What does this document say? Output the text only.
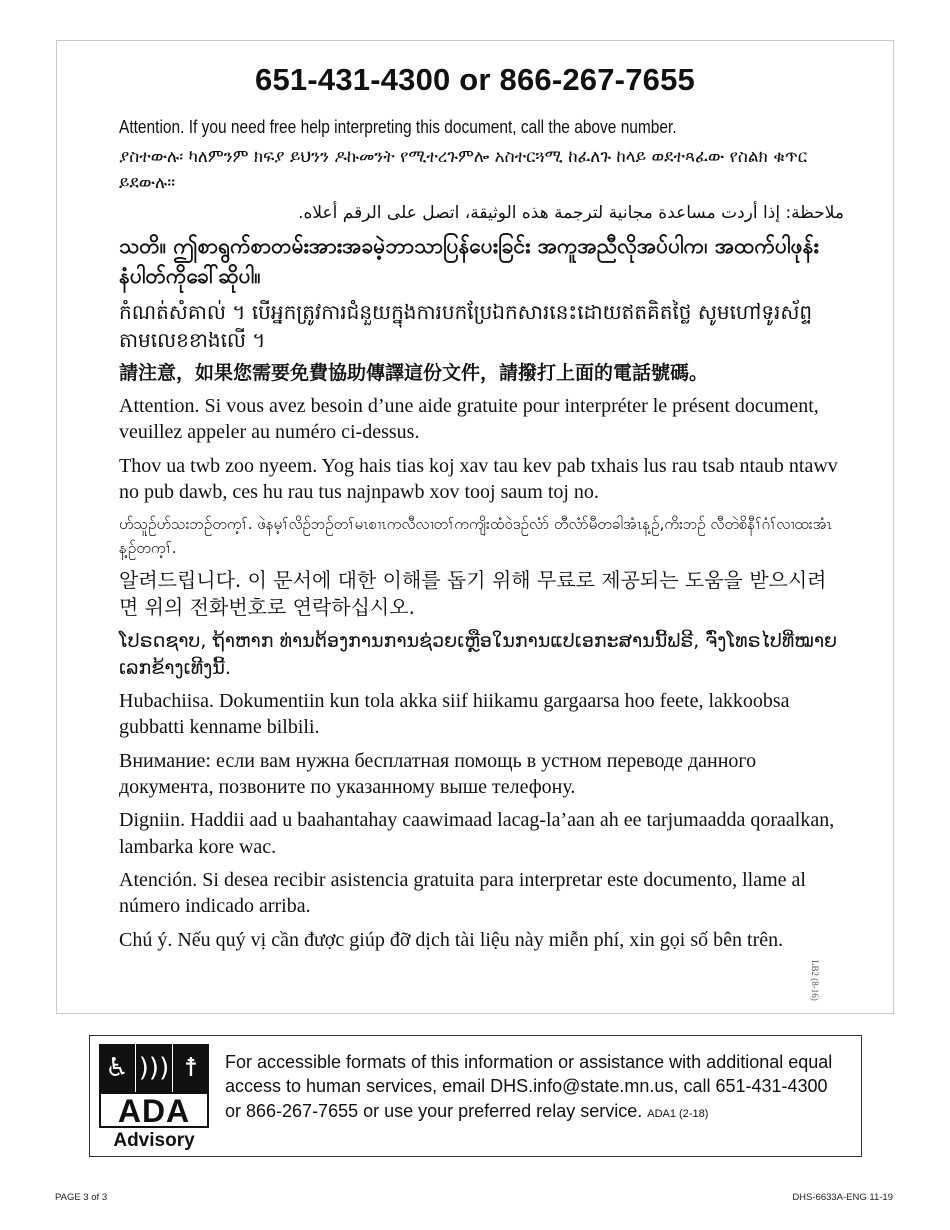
651-431-4300 or 866-267-7655

Attention. If you need free help interpreting this document, call the above number.

ያስተውሉ፡ ካለምንም ክፍያ ይህንን ዶኩመንት የሚተረጉምሎ አስተርጓሚ ከፈለጉ ከላይ ወደተጻፈው የስልክ ቁጥር ይደውሉ።

ملاحظة: إذا أردت مساعدة مجانية لترجمة هذه الوثيقة، اتصل على الرقم أعلاه.

သတိ။ ဤစာရွက်စာတမ်းအားအခမဲ့ဘာသာပြန်ပေးခြင်း အကူအညီလိုအပ်ပါက၊ အထက်ပါဖုန်းနံပါတ်ကိုခေါ်ဆိုပါ။

កំណត់សំគាល់ ។ បើអ្នកត្រូវការជំនួយក្នុងការបកប្រែឯកសារនេះដោយឥតគិតថ្លៃ សូមហៅទូរស័ព្ទតាមលេខខាងលើ ។

請注意，如果您需要免費協助傳譯這份文件，請撥打上面的電話號碼。

Attention. Si vous avez besoin d’une aide gratuite pour interpréter le présent document, veuillez appeler au numéro ci-dessus.

Thov ua twb zoo nyeem. Yog hais tias koj xav tau kev pab txhais lus rau tsab ntaub ntawv no pub dawb, ces hu rau tus najnpawb xov tooj saum toj no.

ဟ်သူဉ်ဟ်သးဘဉ်တက့ၢ်. ဖဲနမ့ၢ်လိဉ်ဘဉ်တၢ်မၤစၢၤကလီလၢတၢ်ကကျိးထံဝဲဒဉ်လံာ် တီလံာ်မီတခါအံၤန့ဉ်,ကိးဘဉ် လီတဲစိနီၢ်ဂံၢ်လၢထးအံၤန့ဉ်တက့ၢ်.

알려드립니다. 이 문서에 대한 이해를 돕기 위해 무료로 제공되는 도움을 받으시려면 위의 전화번호로 연락하십시오.

ໂປຣດຊາບ, ຖ້າຫາກ ທ່ານຕ້ອງການການຊ່ວຍເຫຼືອໃນການແປເອກະສານນີ້ຟຣີ, ຈົ່ງໂທຣໄປທີ່ໝາຍເລກຂ້າງເທີງນີ້.

Hubachiisa. Dokumentiin kun tola akka siif hiikamu gargaarsa hoo feete, lakkoobsa gubbatti kenname bilbili.

Внимание: если вам нужна бесплатная помощь в устном переводе данного документа, позвоните по указанному выше телефону.

Digniin. Haddii aad u baahantahay caawimaad lacag-la’aan ah ee tarjumaadda qoraalkan, lambarka kore wac.

Atención. Si desea recibir asistencia gratuita para interpretar este documento, llame al número indicado arriba.

Chú ý. Nếu quý vị cần được giúp đỡ dịch tài liệu này miễn phí, xin gọi số bên trên.

LB2 (8-16)
♿ ))) ☨
ADA
Advisory
For accessible formats of this information or assistance with additional equal access to human services, email DHS.info@state.mn.us, call 651-431-4300 or 866-267-7655 or use your preferred relay service. ADA1 (2-18)
PAGE 3 of 3	DHS-6633A-ENG 11-19
